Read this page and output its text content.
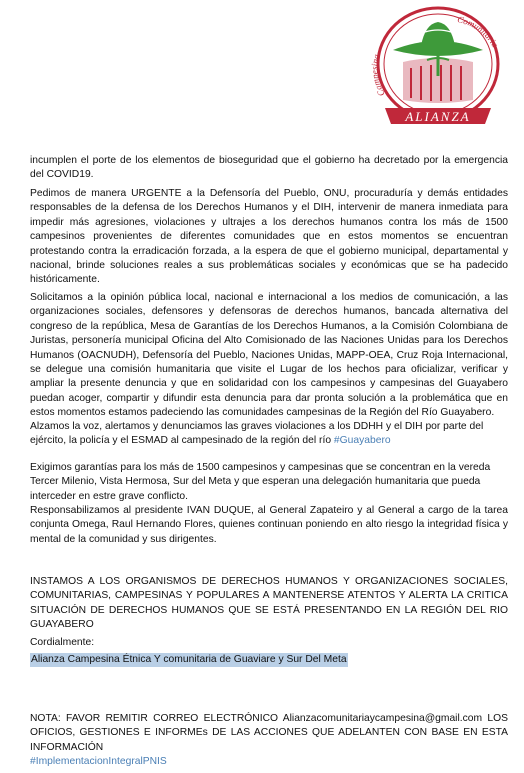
Campesina
Comunitaria
ALIANZA

incumplen el porte de los elementos de bioseguridad que el gobierno ha decretado por la emergencia del COVID19.

Pedimos de manera URGENTE a la Defensoría del Pueblo, ONU, procuraduría y demás entidades responsables de la defensa de los Derechos Humanos y el DIH, intervenir de manera inmediata para impedir más agresiones, violaciones y ultrajes a los derechos humanos contra los más de 1500 campesinos provenientes de diferentes comunidades que en estos momentos se encuentran protestando contra la erradicación forzada, a la espera de que el gobierno municipal, departamental y nacional, brinde soluciones reales a sus problemáticas sociales y económicas que se ha padecido históricamente.

Solicitamos a la opinión pública local, nacional e internacional a los medios de comunicación, a las organizaciones sociales, defensores y defensoras de derechos humanos, bancada alternativa del congreso de la república, Mesa de Garantías de los Derechos Humanos, a la Comisión Colombiana de Juristas, personería municipal Oficina del Alto Comisionado de las Naciones Unidas para los Derechos Humanos (OACNUDH), Defensoría del Pueblo, Naciones Unidas, MAPP-OEA, Cruz Roja Internacional, se delegue una comisión humanitaria que visite el Lugar de los hechos para oficializar, verificar y ampliar la presente denuncia y que en solidaridad con los campesinos y campesinas del Guayabero puedan acoger, compartir y difundir esta denuncia para dar pronta solución a la problemática que en estos momentos estamos padeciendo las comunidades campesinas de la Región del Río Guayabero.

Alzamos la voz, alertamos y denunciamos las graves violaciones a los DDHH y el DIH por parte del ejército, la policía y el ESMAD al campesinado de la región del río #Guayabero

Exigimos garantías para los más de 1500 campesinos y campesinas que se concentran en la vereda Tercer Milenio, Vista Hermosa, Sur del Meta y que esperan una delegación humanitaria que pueda interceder en estre grave conflicto.

Responsabilizamos al presidente IVAN DUQUE, al General Zapateiro y al General a cargo de la tarea conjunta Omega, Raul Hernando Flores, quienes continuan poniendo en alto riesgo la integridad física y mental de la comunidad y sus dirigentes.

INSTAMOS A LOS ORGANISMOS DE DERECHOS HUMANOS Y ORGANIZACIONES SOCIALES, COMUNITARIAS, CAMPESINAS Y POPULARES A MANTENERSE ATENTOS Y ALERTA LA CRITICA SITUACIÓN DE DERECHOS HUMANOS QUE SE ESTÁ PRESENTANDO EN LA REGIÓN DEL RIO GUAYABERO

Cordialmente:

Alianza Campesina Étnica Y comunitaria de Guaviare y Sur Del Meta

NOTA: FAVOR REMITIR CORREO ELECTRÓNICO Alianzacomunitariaycampesina@gmail.com LOS OFICIOS, GESTIONES E INFORMEs DE LAS ACCIONES QUE ADELANTEN CON BASE EN ESTA INFORMACIÓN
#ImplementacionIntegralPNIS
